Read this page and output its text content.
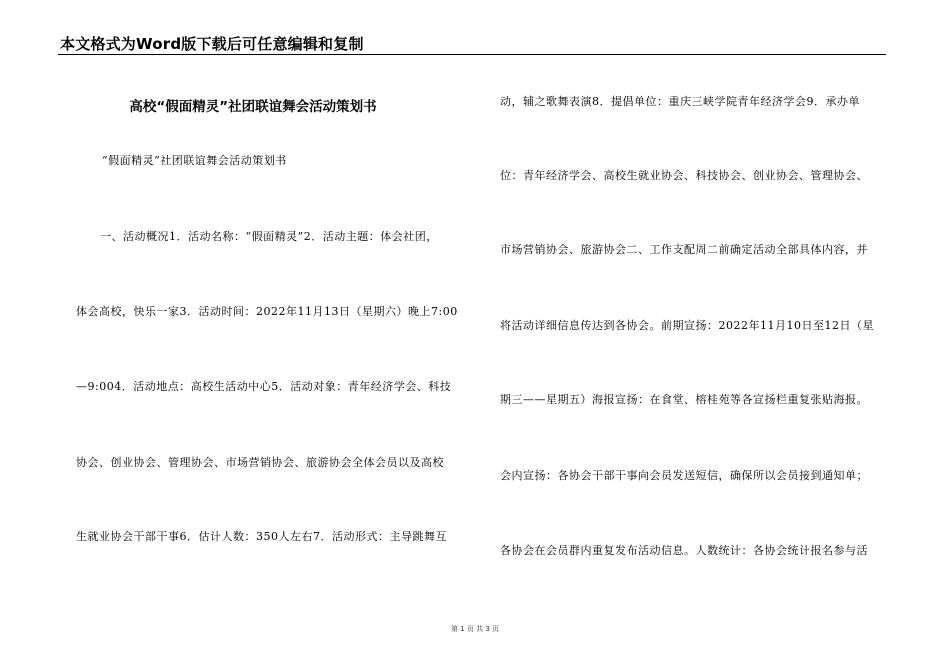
本文格式为Word版下载后可任意编辑和复制
高校“假面精灵”社团联谊舞会活动策划书
“假面精灵”社团联谊舞会活动策划书
一、活动概况1．活动名称：“假面精灵”2．活动主题：体会社团，
体会高校，快乐一家3．活动时间：2022年11月13日（星期六）晚上7:00
—9:004．活动地点：高校生活动中心5．活动对象：青年经济学会、科技
协会、创业协会、管理协会、市场营销协会、旅游协会全体会员以及高校
生就业协会干部干事6．估计人数：350人左右7．活动形式：主导跳舞互
动，辅之歌舞表演8．提倡单位：重庆三峡学院青年经济学会9．承办单
位：青年经济学会、高校生就业协会、科技协会、创业协会、管理协会、
市场营销协会、旅游协会二、工作支配周二前确定活动全部具体内容，并
将活动详细信息传达到各协会。前期宣扬：2022年11月10日至12日（星
期三——星期五）海报宣扬：在食堂、榕桂苑等各宣扬栏重复张贴海报。
会内宣扬：各协会干部干事向会员发送短信，确保所以会员接到通知单；
各协会在会员群内重复发布活动信息。人数统计：各协会统计报名参与活
第 1 页 共 3 页
